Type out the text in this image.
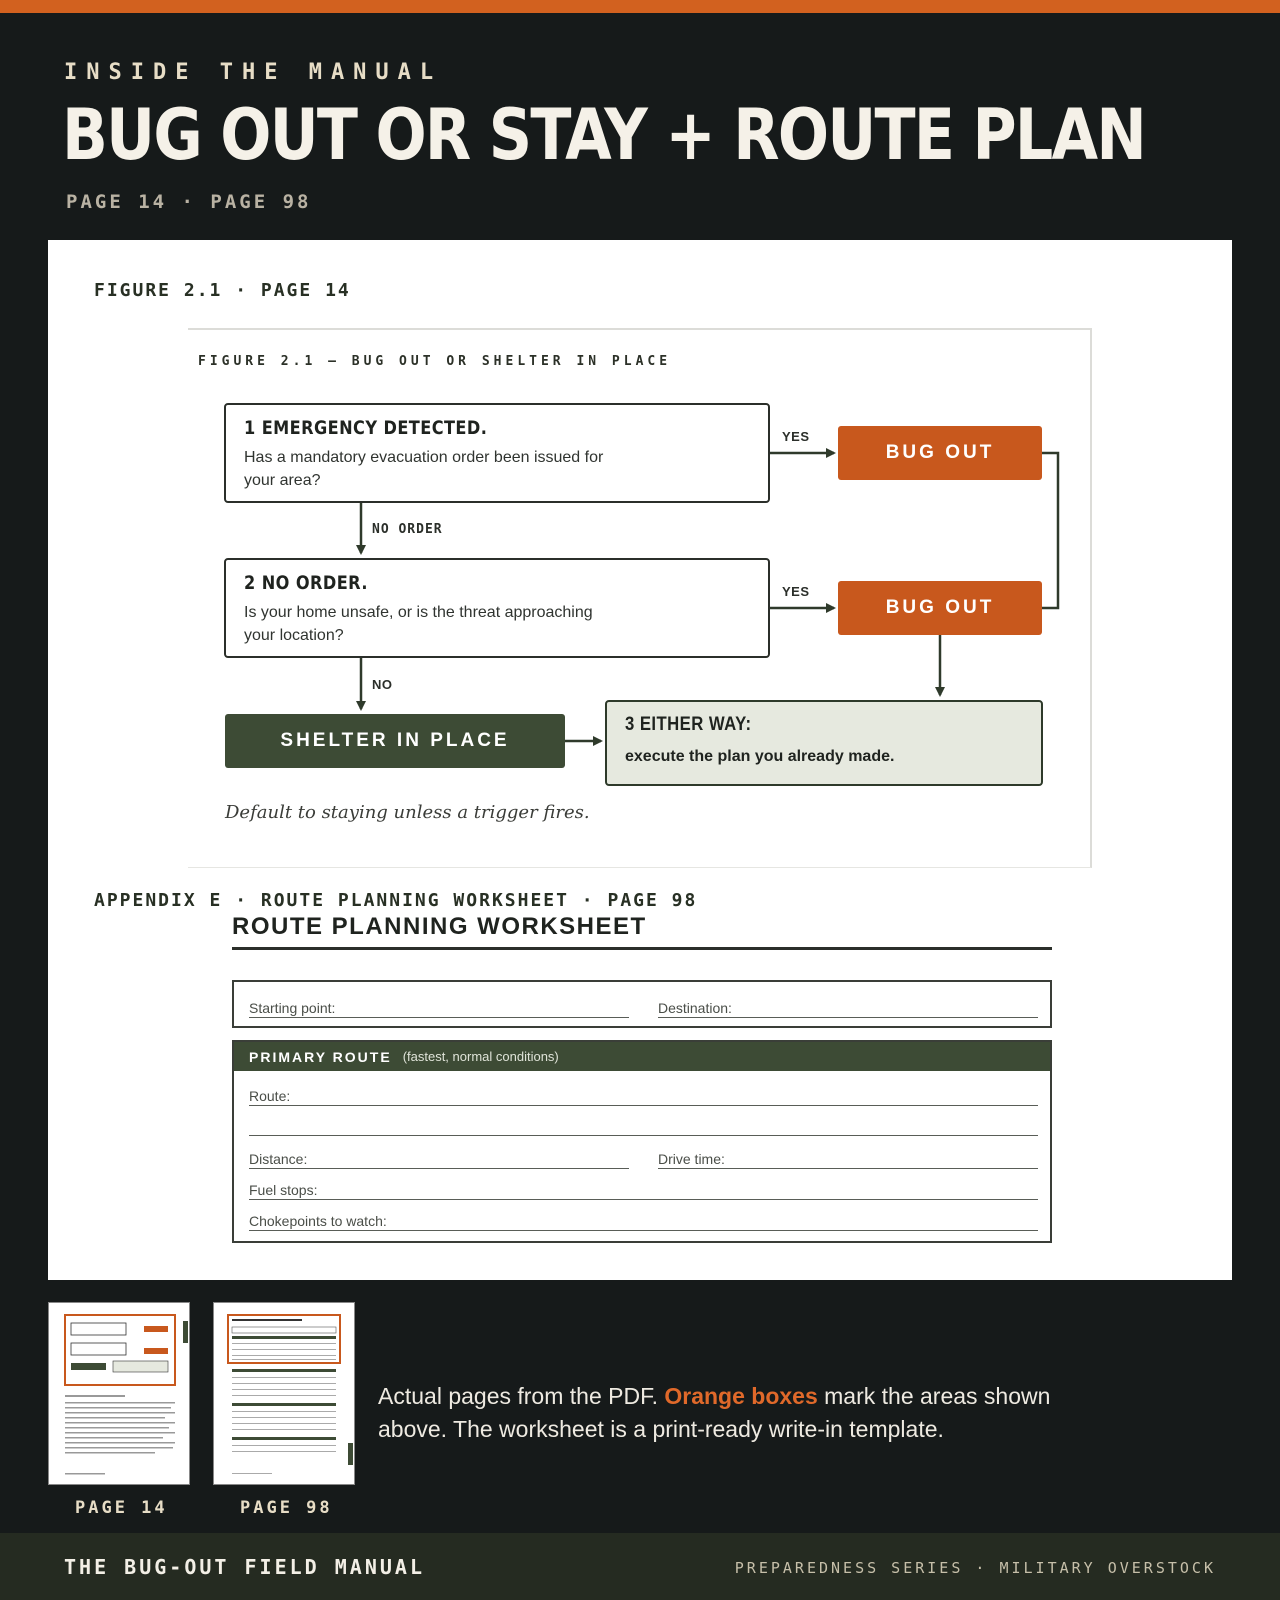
INSIDE THE MANUAL
BUG OUT OR STAY + ROUTE PLAN
PAGE 14 · PAGE 98
FIGURE 2.1 · PAGE 14
FIGURE 2.1 — BUG OUT OR SHELTER IN PLACE
1 EMERGENCY DETECTED.
Has a mandatory evacuation order been issued for your area?
2 NO ORDER.
Is your home unsafe, or is the threat approaching your location?
YES
YES
NO ORDER
NO
BUG OUT
BUG OUT
SHELTER IN PLACE
3 EITHER WAY:
execute the plan you already made.
Default to staying unless a trigger fires.
APPENDIX E · ROUTE PLANNING WORKSHEET · PAGE 98
ROUTE PLANNING WORKSHEET
Starting point:	Destination:
PRIMARY ROUTE (fastest, normal conditions)
Route:
Distance:	Drive time:
Fuel stops:
Chokepoints to watch:
PAGE 14	PAGE 98
Actual pages from the PDF. Orange boxes mark the areas shown above. The worksheet is a print-ready write-in template.
THE BUG-OUT FIELD MANUAL	PREPAREDNESS SERIES · MILITARY OVERSTOCK
